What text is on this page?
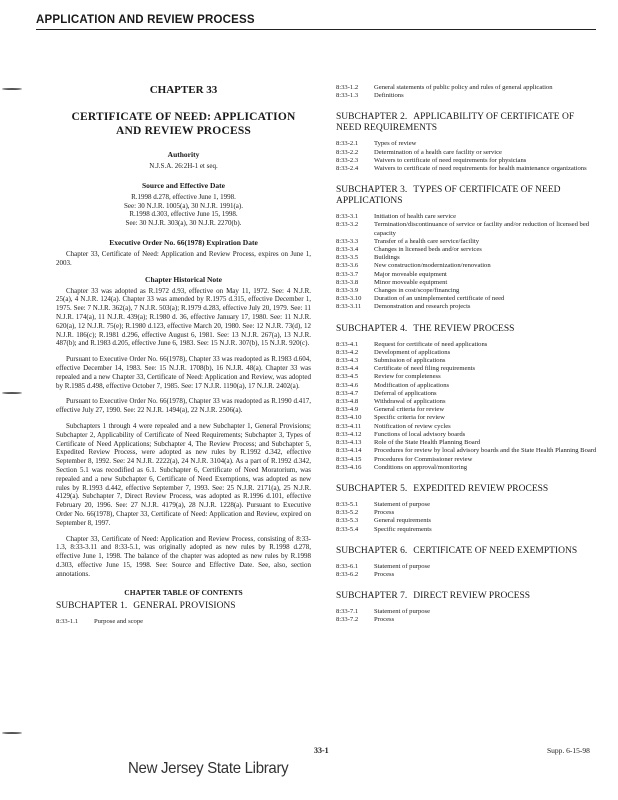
APPLICATION AND REVIEW PROCESS
CHAPTER 33
CERTIFICATE OF NEED: APPLICATION
AND REVIEW PROCESS
Authority
N.J.S.A. 26:2H-1 et seq.
Source and Effective Date
R.1998 d.278, effective June 1, 1998.
See: 30 N.J.R. 1005(a), 30 N.J.R. 1991(a).
R.1998 d.303, effective June 15, 1998.
See: 30 N.J.R. 303(a), 30 N.J.R. 2270(b).
Executive Order No. 66(1978) Expiration Date

Chapter 33, Certificate of Need: Application and Review Process, expires on June 1, 2003.

Chapter Historical Note

Chapter 33 was adopted as R.1972 d.93, effective on May 11, 1972. See: 4 N.J.R. 25(a), 4 N.J.R. 124(a). Chapter 33 was amended by R.1975 d.315, effective December 1, 1975. See: 7 N.J.R. 362(a), 7 N.J.R. 503(a); R.1979 d.283, effective July 20, 1979. See: 11 N.J.R. 174(a), 11 N.J.R. 439(a); R.1980 d. 36, effective January 17, 1980. See: 11 N.J.R. 620(a), 12 N.J.R. 75(e); R.1980 d.123, effective March 20, 1980. See: 12 N.J.R. 73(d), 12 N.J.R. 186(c); R.1981 d.296, effective August 6, 1981. See: 13 N.J.R. 267(a), 13 N.J.R. 487(b); and R.1983 d.205, effective June 6, 1983. See: 15 N.J.R. 307(b), 15 N.J.R. 920(c).

Pursuant to Executive Order No. 66(1978), Chapter 33 was readopted as R.1983 d.604, effective December 14, 1983. See: 15 N.J.R. 1708(b), 16 N.J.R. 48(a). Chapter 33 was repealed and a new Chapter 33, Certificate of Need: Application and Review, was adopted by R.1985 d.498, effective October 7, 1985. See: 17 N.J.R. 1190(a), 17 N.J.R. 2402(a).

Pursuant to Executive Order No. 66(1978), Chapter 33 was readopted as R.1990 d.417, effective July 27, 1990. See: 22 N.J.R. 1494(a), 22 N.J.R. 2506(a).

Subchapters 1 through 4 were repealed and a new Subchapter 1, General Provisions; Subchapter 2, Applicability of Certificate of Need Requirements; Subchapter 3, Types of Certificate of Need Applications; Subchapter 4, The Review Process; and Subchapter 5, Expedited Review Process, were adopted as new rules by R.1992 d.342, effective September 8, 1992. See: 24 N.J.R. 2222(a), 24 N.J.R. 3104(a). As a part of R.1992 d.342, Section 5.1 was recodified as 6.1. Subchapter 6, Certificate of Need Moratorium, was repealed and a new Subchapter 6, Certificate of Need Exemptions, was adopted as new rules by R.1993 d.442, effective September 7, 1993. See: 25 N.J.R. 2171(a), 25 N.J.R. 4129(a). Subchapter 7, Direct Review Process, was adopted as R.1996 d.101, effective February 20, 1996. See: 27 N.J.R. 4179(a), 28 N.J.R. 1228(a). Pursuant to Executive Order No. 66(1978), Chapter 33, Certificate of Need: Application and Review, expired on September 8, 1997.

Chapter 33, Certificate of Need: Application and Review Process, consisting of 8:33-1.3, 8:33-3.11 and 8:33-5.1, was originally adopted as new rules by R.1998 d.278, effective June 1, 1998. The balance of the chapter was adopted as new rules by R.1998 d.303, effective June 15, 1998. See: Source and Effective Date. See, also, section annotations.

CHAPTER TABLE OF CONTENTS
SUBCHAPTER 1. GENERAL PROVISIONS
8:33-1.1	Purpose and scope
8:33-1.2	General statements of public policy and rules of general application
8:33-1.3	Definitions
SUBCHAPTER 2. APPLICABILITY OF CERTIFICATE OF NEED REQUIREMENTS
8:33-2.1	Types of review
8:33-2.2	Determination of a health care facility or service
8:33-2.3	Waivers to certificate of need requirements for physicians
8:33-2.4	Waivers to certificate of need requirements for health maintenance organizations
SUBCHAPTER 3. TYPES OF CERTIFICATE OF NEED APPLICATIONS
8:33-3.1	Initiation of health care service
8:33-3.2	Termination/discontinuance of service or facility and/or reduction of licensed bed capacity
8:33-3.3	Transfer of a health care service/facility
8:33-3.4	Changes in licensed beds and/or services
8:33-3.5	Buildings
8:33-3.6	New construction/modernization/renovation
8:33-3.7	Major moveable equipment
8:33-3.8	Minor moveable equipment
8:33-3.9	Changes in cost/scope/financing
8:33-3.10	Duration of an unimplemented certificate of need
8:33-3.11	Demonstration and research projects
SUBCHAPTER 4. THE REVIEW PROCESS
8:33-4.1	Request for certificate of need applications
8:33-4.2	Development of applications
8:33-4.3	Submission of applications
8:33-4.4	Certificate of need filing requirements
8:33-4.5	Review for completeness
8:33-4.6	Modification of applications
8:33-4.7	Deferral of applications
8:33-4.8	Withdrawal of applications
8:33-4.9	General criteria for review
8:33-4.10	Specific criteria for review
8:33-4.11	Notification of review cycles
8:33-4.12	Functions of local advisory boards
8:33-4.13	Role of the State Health Planning Board
8:33-4.14	Procedures for review by local advisory boards and the State Health Planning Board
8:33-4.15	Procedures for Commissioner review
8:33-4.16	Conditions on approval/monitoring
SUBCHAPTER 5. EXPEDITED REVIEW PROCESS
8:33-5.1	Statement of purpose
8:33-5.2	Process
8:33-5.3	General requirements
8:33-5.4	Specific requirements
SUBCHAPTER 6. CERTIFICATE OF NEED EXEMPTIONS
8:33-6.1	Statement of purpose
8:33-6.2	Process
SUBCHAPTER 7. DIRECT REVIEW PROCESS
8:33-7.1	Statement of purpose
8:33-7.2	Process
33-1	Supp. 6-15-98
New Jersey State Library
